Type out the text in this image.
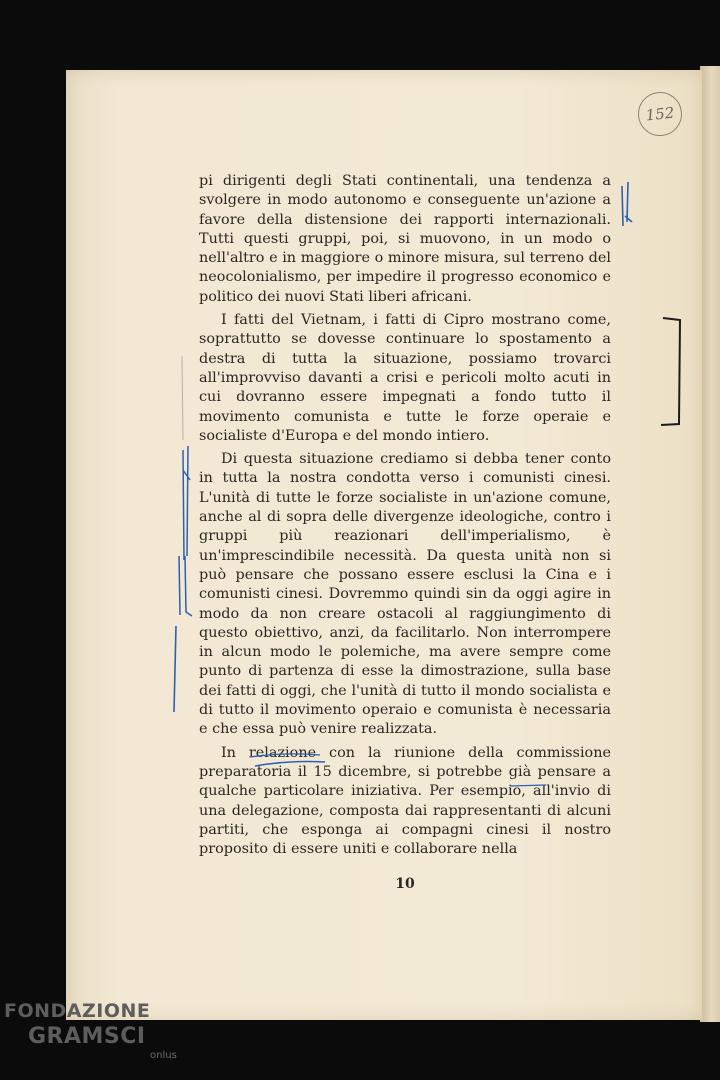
152

pi dirigenti degli Stati continentali, una tendenza a svolgere in modo autonomo e conseguente un'azione a favore della distensione dei rapporti internazionali. Tutti questi gruppi, poi, si muovono, in un modo o nell'altro e in maggiore o minore misura, sul terreno del neocolonialismo, per impedire il progresso economico e politico dei nuovi Stati liberi africani.

I fatti del Vietnam, i fatti di Cipro mostrano come, soprattutto se dovesse continuare lo spostamento a destra di tutta la situazione, possiamo trovarci all'improvviso davanti a crisi e pericoli molto acuti in cui dovranno essere impegnati a fondo tutto il movimento comunista e tutte le forze operaie e socialiste d'Europa e del mondo intiero.

Di questa situazione crediamo si debba tener conto in tutta la nostra condotta verso i comunisti cinesi. L'unità di tutte le forze socialiste in un'azione comune, anche al di sopra delle divergenze ideologiche, contro i gruppi più reazionari dell'imperialismo, è un'imprescindibile necessità. Da questa unità non si può pensare che possano essere esclusi la Cina e i comunisti cinesi. Dovremmo quindi sin da oggi agire in modo da non creare ostacoli al raggiungimento di questo obiettivo, anzi, da facilitarlo. Non interrompere in alcun modo le polemiche, ma avere sempre come punto di partenza di esse la dimostrazione, sulla base dei fatti di oggi, che l'unità di tutto il mondo socialista e di tutto il movimento operaio e comunista è necessaria e che essa può venire realizzata.

In relazione con la riunione della commissione preparatoria il 15 dicembre, si potrebbe già pensare a qualche particolare iniziativa. Per esempio, all'invio di una delegazione, composta dai rappresentanti di alcuni partiti, che esponga ai compagni cinesi il nostro proposito di essere uniti e collaborare nella

10
FONDAZIONE
GRAMSCI
onlus
